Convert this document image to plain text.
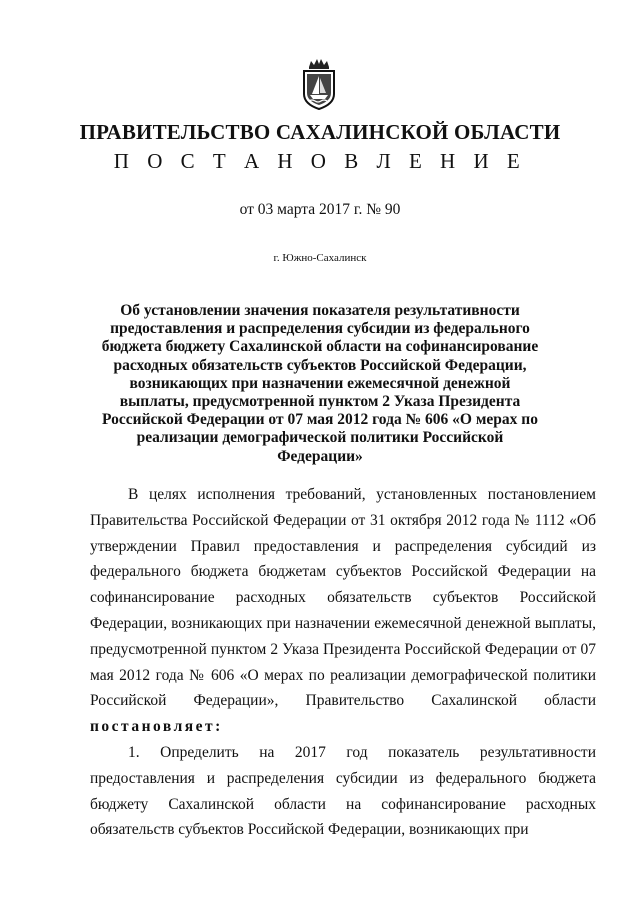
ПРАВИТЕЛЬСТВО САХАЛИНСКОЙ ОБЛАСТИ
П О С Т А Н О В Л Е Н И Е
от 03 марта 2017 г. № 90
г. Южно-Сахалинск
Об установлении значения показателя результативности предоставления и распределения субсидии из федерального бюджета бюджету Сахалинской области на софинансирование расходных обязательств субъектов Российской Федерации, возникающих при назначении ежемесячной денежной выплаты, предусмотренной пунктом 2 Указа Президента Российской Федерации от 07 мая 2012 года № 606 «О мерах по реализации демографической политики Российской Федерации»

В целях исполнения требований, установленных постановлением Правительства Российской Федерации от 31 октября 2012 года № 1112 «Об утверждении Правил предоставления и распределения субсидий из федерального бюджета бюджетам субъектов Российской Федерации на софинансирование расходных обязательств субъектов Российской Федерации, возникающих при назначении ежемесячной денежной выплаты, предусмотренной пунктом 2 Указа Президента Российской Федерации от 07 мая 2012 года № 606 «О мерах по реализации демографической политики Российской Федерации», Правительство Сахалинской области постановляет:

1. Определить на 2017 год показатель результативности предоставления и распределения субсидии из федерального бюджета бюджету Сахалинской области на софинансирование расходных обязательств субъектов Российской Федерации, возникающих при
